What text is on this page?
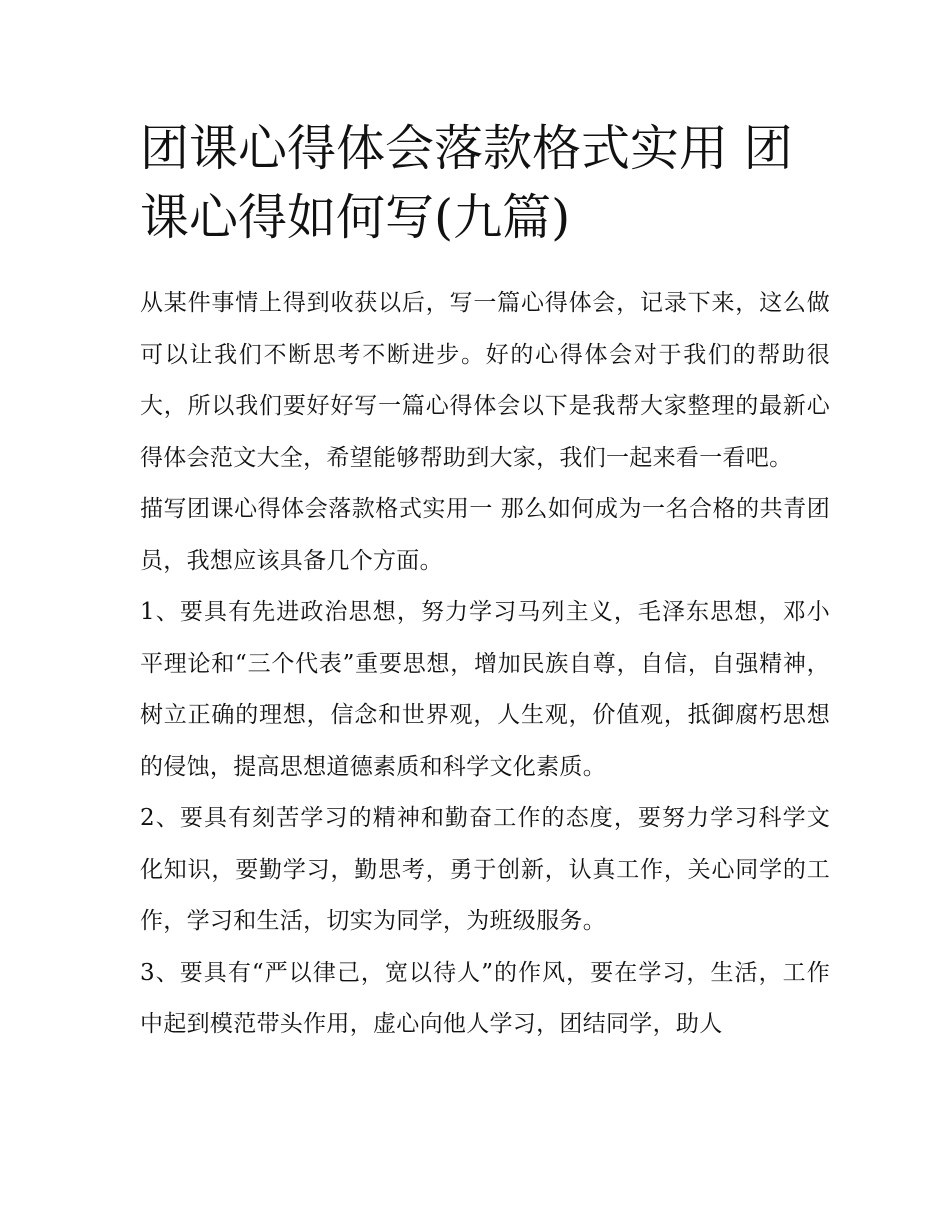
团课心得体会落款格式实用 团课心得如何写(九篇)

从某件事情上得到收获以后，写一篇心得体会，记录下来，这么做可以让我们不断思考不断进步。好的心得体会对于我们的帮助很大，所以我们要好好写一篇心得体会以下是我帮大家整理的最新心得体会范文大全，希望能够帮助到大家，我们一起来看一看吧。

描写团课心得体会落款格式实用一 那么如何成为一名合格的共青团员，我想应该具备几个方面。

1、要具有先进政治思想，努力学习马列主义，毛泽东思想，邓小平理论和“三个代表”重要思想，增加民族自尊，自信，自强精神，树立正确的理想，信念和世界观，人生观，价值观，抵御腐朽思想的侵蚀，提高思想道德素质和科学文化素质。

2、要具有刻苦学习的精神和勤奋工作的态度，要努力学习科学文化知识，要勤学习，勤思考，勇于创新，认真工作，关心同学的工作，学习和生活，切实为同学，为班级服务。

3、要具有“严以律己，宽以待人”的作风，要在学习，生活，工作中起到模范带头作用，虚心向他人学习，团结同学，助人
